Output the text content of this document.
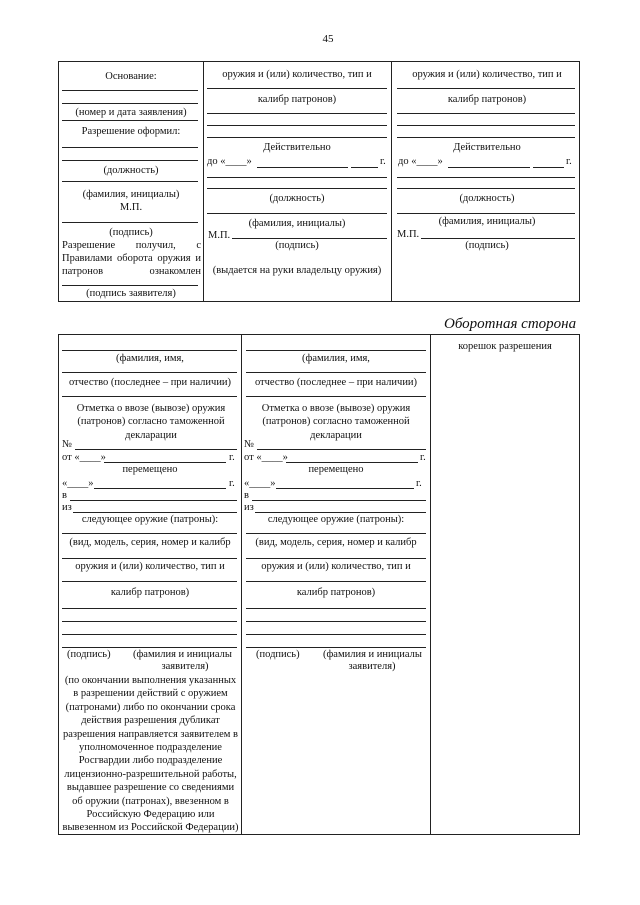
45
Основание:
(номер и дата заявления)
Разрешение оформил:
(должность)
(фамилия, инициалы)
М.П.
(подпись)
Разрешение получил, с
Правилами оборота оружия и
патронов ознакомлен
(подпись заявителя)
оружия и (или) количество, тип и
калибр патронов)
Действительно
до «____»	г.
(должность)
(фамилия, инициалы)
М.П.
(подпись)
(выдается на руки владельцу оружия)
оружия и (или) количество, тип и
калибр патронов)
Действительно
до «____»	г.
(должность)
(фамилия, инициалы)
М.П.
(подпись)
Оборотная сторона
(фамилия, имя,
отчество (последнее – при наличии)
Отметка о ввозе (вывозе) оружия (патронов) согласно таможенной декларации
№
от «____»	г.
перемещено
«____»	г.
в
из
следующее оружие (патроны):
(вид, модель, серия, номер и калибр
оружия и (или) количество, тип и
калибр патронов)
(подпись) (фамилия и инициалы
заявителя)
(по окончании выполнения указанных в разрешении действий с оружием (патронами) либо по окончании срока действия разрешения дубликат разрешения направляется заявителем в уполномоченное подразделение Росгвардии либо подразделение лицензионно-разрешительной работы, выдавшее разрешение со сведениями об оружии (патронах), ввезенном в Российскую Федерацию или вывезенном из Российской Федерации)
(фамилия, имя,
отчество (последнее – при наличии)
Отметка о ввозе (вывозе) оружия (патронов) согласно таможенной декларации
№
от «____»	г.
перемещено
«____»	г.
в
из
следующее оружие (патроны):
(вид, модель, серия, номер и калибр
оружия и (или) количество, тип и
калибр патронов)
(подпись) (фамилия и инициалы
заявителя)
корешок разрешения
